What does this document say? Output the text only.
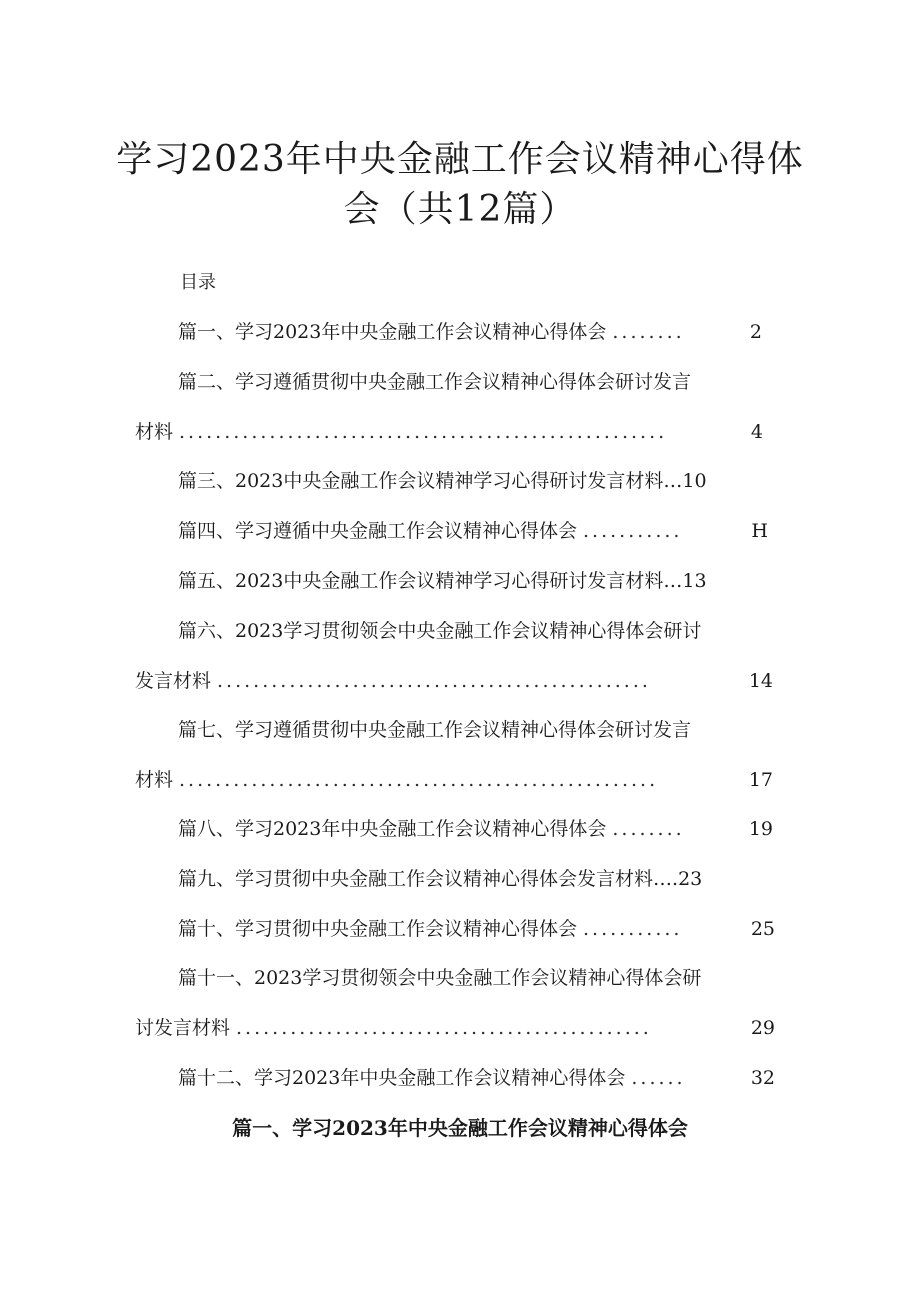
学习2023年中央金融工作会议精神心得体
会（共12篇）

目录

篇一、学习2023年中央金融工作会议精神心得体会 ........	2
篇二、学习遵循贯彻中央金融工作会议精神心得体会研讨发言
材料 ......................................................	4
篇三、2023中央金融工作会议精神学习心得研讨发言材料 … 10
篇四、学习遵循中央金融工作会议精神心得体会 ...........	H
篇五、2023中央金融工作会议精神学习心得研讨发言材料 … 13
篇六、2023学习贯彻领会中央金融工作会议精神心得体会研讨
发言材料 ................................................	14
篇七、学习遵循贯彻中央金融工作会议精神心得体会研讨发言
材料 .....................................................	17
篇八、学习2023年中央金融工作会议精神心得体会 ........	19
篇九、学习贯彻中央金融工作会议精神心得体会发言材料 …. 23
篇十、学习贯彻中央金融工作会议精神心得体会 ...........	25
篇十一、2023学习贯彻领会中央金融工作会议精神心得体会研
讨发言材料 ..............................................	29
篇十二、学习2023年中央金融工作会议精神心得体会 ......	32
篇一、学习2023年中央金融工作会议精神心得体会
